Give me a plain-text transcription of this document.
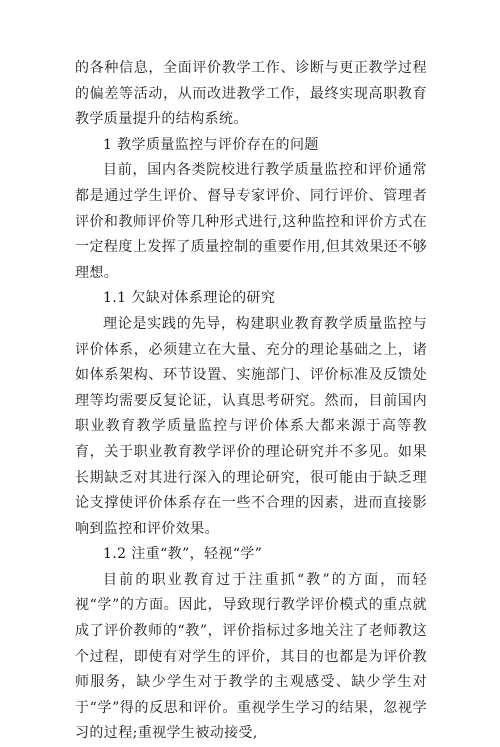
的各种信息，全面评价教学工作、诊断与更正教学过程的偏差等活动，从而改进教学工作，最终实现高职教育教学质量提升的结构系统。

1 教学质量监控与评价存在的问题

目前，国内各类院校进行教学质量监控和评价通常都是通过学生评价、督导专家评价、同行评价、管理者评价和教师评价等几种形式进行,这种监控和评价方式在一定程度上发挥了质量控制的重要作用,但其效果还不够理想。

1.1 欠缺对体系理论的研究

理论是实践的先导，构建职业教育教学质量监控与评价体系，必须建立在大量、充分的理论基础之上，诸如体系架构、环节设置、实施部门、评价标准及反馈处理等均需要反复论证，认真思考研究。然而，目前国内职业教育教学质量监控与评价体系大都来源于高等教育，关于职业教育教学评价的理论研究并不多见。如果长期缺乏对其进行深入的理论研究，很可能由于缺乏理论支撑使评价体系存在一些不合理的因素，进而直接影响到监控和评价效果。

1.2 注重“教”，轻视“学”

目前的职业教育过于注重抓“教”的方面，而轻视“学”的方面。因此，导致现行教学评价模式的重点就成了评价教师的“教”，评价指标过多地关注了老师教这个过程，即使有对学生的评价，其目的也都是为评价教师服务，缺少学生对于教学的主观感受、缺少学生对于“学”得的反思和评价。重视学生学习的结果，忽视学习的过程;重视学生被动接受,
